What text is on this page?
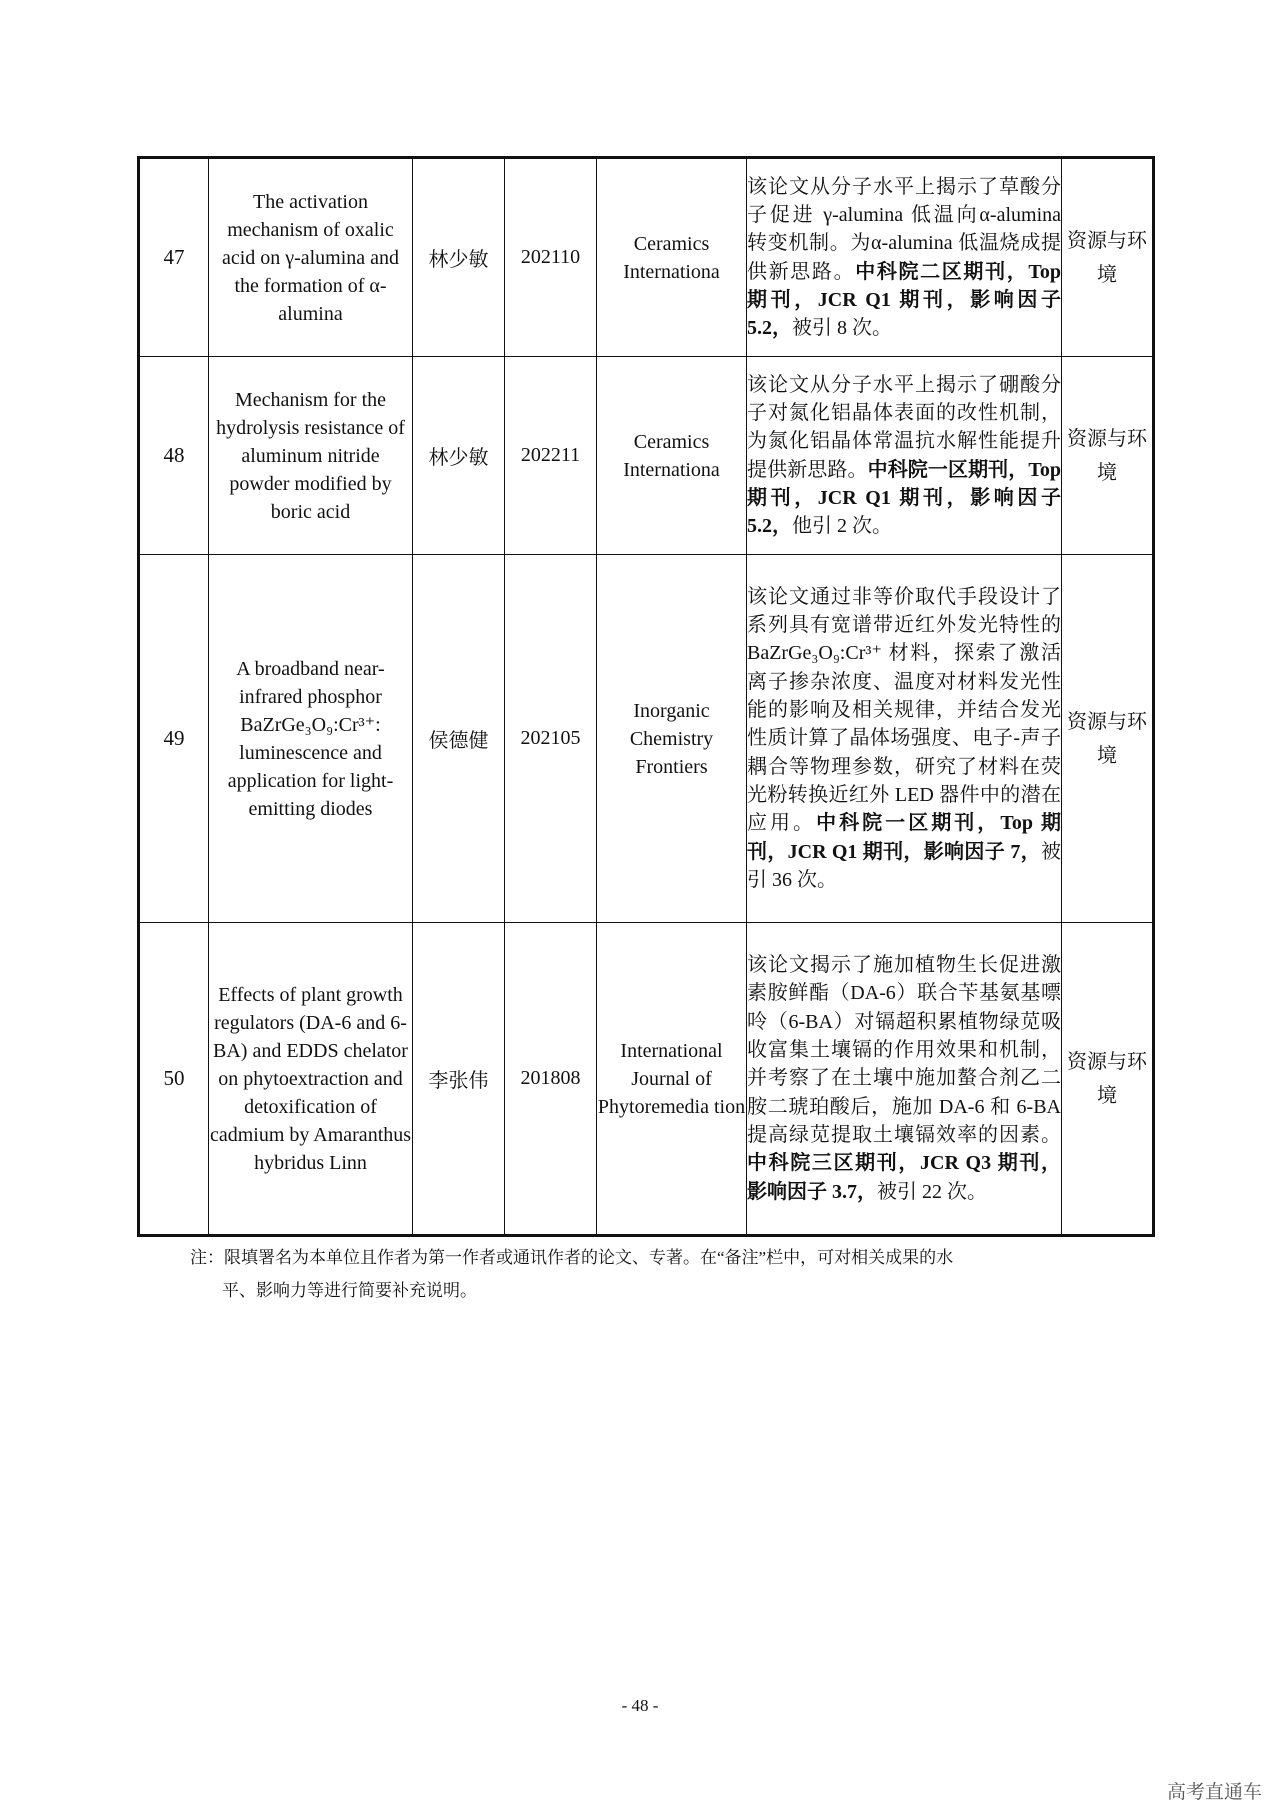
47	The activation mechanism of oxalic acid on γ-alumina and the formation of α-alumina	林少敏	202110	Ceramics Internationa	该论文从分子水平上揭示了草酸分子促进 γ-alumina 低温向α-alumina 转变机制。为α-alumina 低温烧成提供新思路。中科院二区期刊，Top 期刊，JCR Q1 期刊，影响因子 5.2，被引 8 次。	资源与环境
48	Mechanism for the hydrolysis resistance of aluminum nitride powder modified by boric acid	林少敏	202211	Ceramics Internationa	该论文从分子水平上揭示了硼酸分子对氮化铝晶体表面的改性机制，为氮化铝晶体常温抗水解性能提升提供新思路。中科院一区期刊，Top 期刊，JCR Q1 期刊，影响因子 5.2，他引 2 次。	资源与环境
49	A broadband near-infrared phosphor BaZrGe₃O₉:Cr³⁺: luminescence and application for light-emitting diodes	侯德健	202105	Inorganic Chemistry Frontiers	该论文通过非等价取代手段设计了系列具有宽谱带近红外发光特性的 BaZrGe₃O₉:Cr³⁺ 材料，探索了激活离子掺杂浓度、温度对材料发光性能的影响及相关规律，并结合发光性质计算了晶体场强度、电子-声子耦合等物理参数，研究了材料在荧光粉转换近红外 LED 器件中的潜在应用。中科院一区期刊，Top 期刊，JCR Q1 期刊，影响因子 7，被引 36 次。	资源与环境
50	Effects of plant growth regulators (DA-6 and 6-BA) and EDDS chelator on phytoextraction and detoxification of cadmium by Amaranthus hybridus Linn	李张伟	201808	International Journal of Phytoremedia tion	该论文揭示了施加植物生长促进激素胺鲜酯（DA-6）联合苄基氨基嘌呤（6-BA）对镉超积累植物绿苋吸收富集土壤镉的作用效果和机制，并考察了在土壤中施加螯合剂乙二胺二琥珀酸后，施加 DA-6 和 6-BA 提高绿苋提取土壤镉效率的因素。中科院三区期刊，JCR Q3 期刊，影响因子 3.7，被引 22 次。	资源与环境
注：限填署名为本单位且作者为第一作者或通讯作者的论文、专著。在“备注”栏中，可对相关成果的水
平、影响力等进行简要补充说明。
- 48 -
高考直通车
